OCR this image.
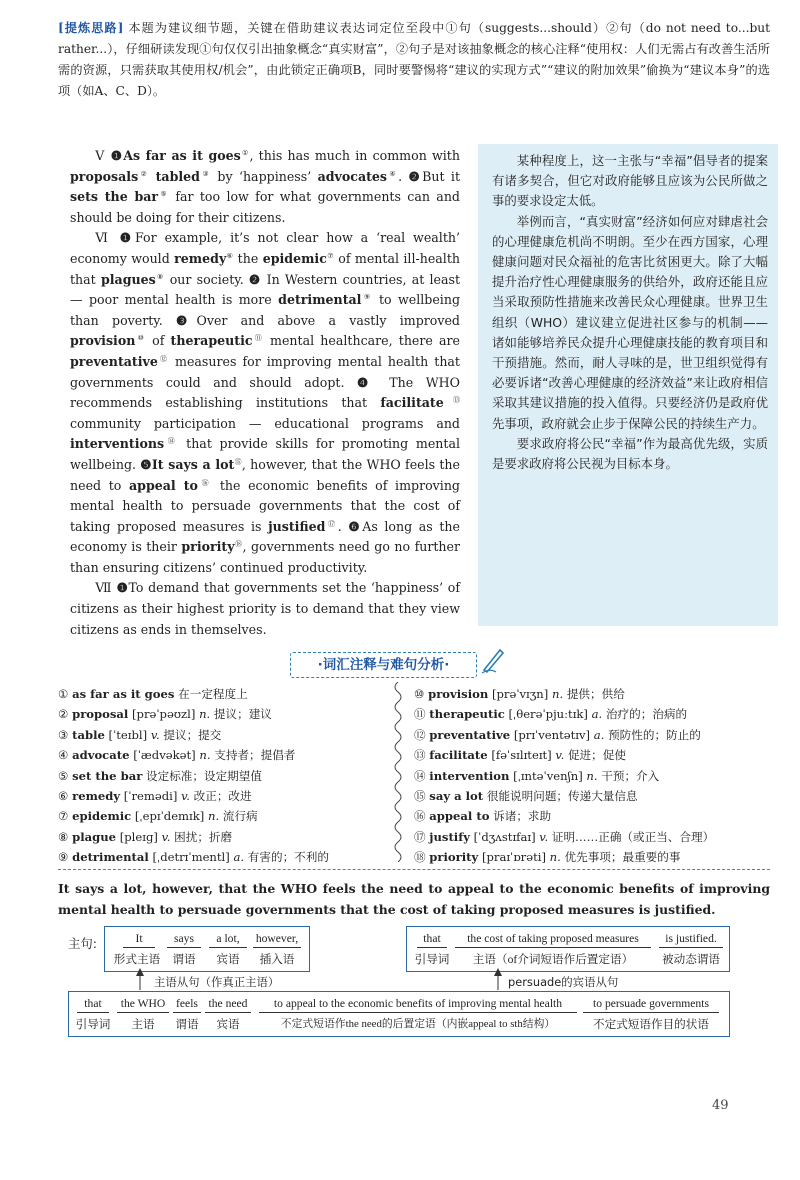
[提炼思路] 本题为建议细节题，关键在借助建议表达词定位至段中①句（suggests...should）②句（do not need to...but rather...），仔细研读发现①句仅仅引出抽象概念“真实财富”，②句子是对该抽象概念的核心注释“使用权：人们无需占有改善生活所需的资源，只需获取其使用权/机会”，由此锁定正确项B，同时要警惕将“建议的实现方式”“建议的附加效果”偷换为“建议本身”的选项（如A、C、D）。

Ⅴ ❶As far as it goes①, this has much in common with proposals② tabled③ by ‘happiness’ advocates④. ❷But it sets the bar⑤ far too low for what governments can and should be doing for their citizens.

Ⅵ ❶For example, it’s not clear how a ‘real wealth’ economy would remedy⑥ the epidemic⑦ of mental ill-health that plagues⑧ our society. ❷ In Western countries, at least — poor mental health is more detrimental⑨ to wellbeing than poverty. ❸Over and above a vastly improved provision⑩ of therapeutic⑪ mental healthcare, there are preventative⑫ measures for improving mental health that governments could and should adopt. ❹ The WHO recommends establishing institutions that facilitate⑬ community participation — educational programs and interventions⑭ that provide skills for promoting mental wellbeing. ❺It says a lot⑮, however, that the WHO feels the need to appeal to⑯ the economic benefits of improving mental health to persuade governments that the cost of taking proposed measures is justified⑰. ❻As long as the economy is their priority⑱, governments need go no further than ensuring citizens’ continued productivity.

Ⅶ ❶To demand that governments set the ‘happiness’ of citizens as their highest priority is to demand that they view citizens as ends in themselves.

某种程度上，这一主张与“幸福”倡导者的提案有诸多契合，但它对政府能够且应该为公民所做之事的要求设定太低。

举例而言，“真实财富”经济如何应对肆虐社会的心理健康危机尚不明朗。至少在西方国家，心理健康问题对民众福祉的危害比贫困更大。除了大幅提升治疗性心理健康服务的供给外，政府还能且应当采取预防性措施来改善民众心理健康。世界卫生组织（WHO）建议建立促进社区参与的机制——诸如能够培养民众提升心理健康技能的教育项目和干预措施。然而，耐人寻味的是，世卫组织觉得有必要诉诸“改善心理健康的经济效益”来让政府相信采取其建议措施的投入值得。只要经济仍是政府优先事项，政府就会止步于保障公民的持续生产力。

要求政府将公民“幸福”作为最高优先级，实质是要求政府将公民视为目标本身。

·词汇注释与难句分析·
① as far as it goes 在一定程度上
② proposal [prəˈpəʊzl] n. 提议；建议
③ table [ˈteɪbl] v. 提议；提交
④ advocate [ˈædvəkət] n. 支持者；提倡者
⑤ set the bar 设定标准；设定期望值
⑥ remedy [ˈremədi] v. 改正；改进
⑦ epidemic [ˌepɪˈdemɪk] n. 流行病
⑧ plague [pleɪɡ] v. 困扰；折磨
⑨ detrimental [ˌdetrɪˈmentl] a. 有害的；不利的
⑩ provision [prəˈvɪʒn] n. 提供；供给
⑪ therapeutic [ˌθerəˈpjuːtɪk] a. 治疗的；治病的
⑫ preventative [prɪˈventətɪv] a. 预防性的；防止的
⑬ facilitate [fəˈsɪlɪteɪt] v. 促进；促使
⑭ intervention [ˌɪntəˈvenʃn] n. 干预；介入
⑮ say a lot 很能说明问题；传递大量信息
⑯ appeal to 诉诸；求助
⑰ justify [ˈdʒʌstɪfaɪ] v. 证明……正确（或正当、合理）
⑱ priority [praɪˈɒrəti] n. 优先事项；最重要的事
It says a lot, however, that the WHO feels the need to appeal to the economic benefits of improving mental health to persuade governments that the cost of taking proposed measures is justified.
主句:	It
形式主语
says
谓语
a lot,
宾语
however,
插入语
that
引导词
the cost of taking proposed measures
主语（of介词短语作后置定语）
is justified.
被动态谓语
主语从句（作真正主语）	persuade的宾语从句
that
引导词
the WHO
主语
feels
谓语
the need
宾语
to appeal to the economic benefits of improving mental health
不定式短语作the need的后置定语（内嵌appeal to sth结构）
to persuade governments
不定式短语作目的状语
49
